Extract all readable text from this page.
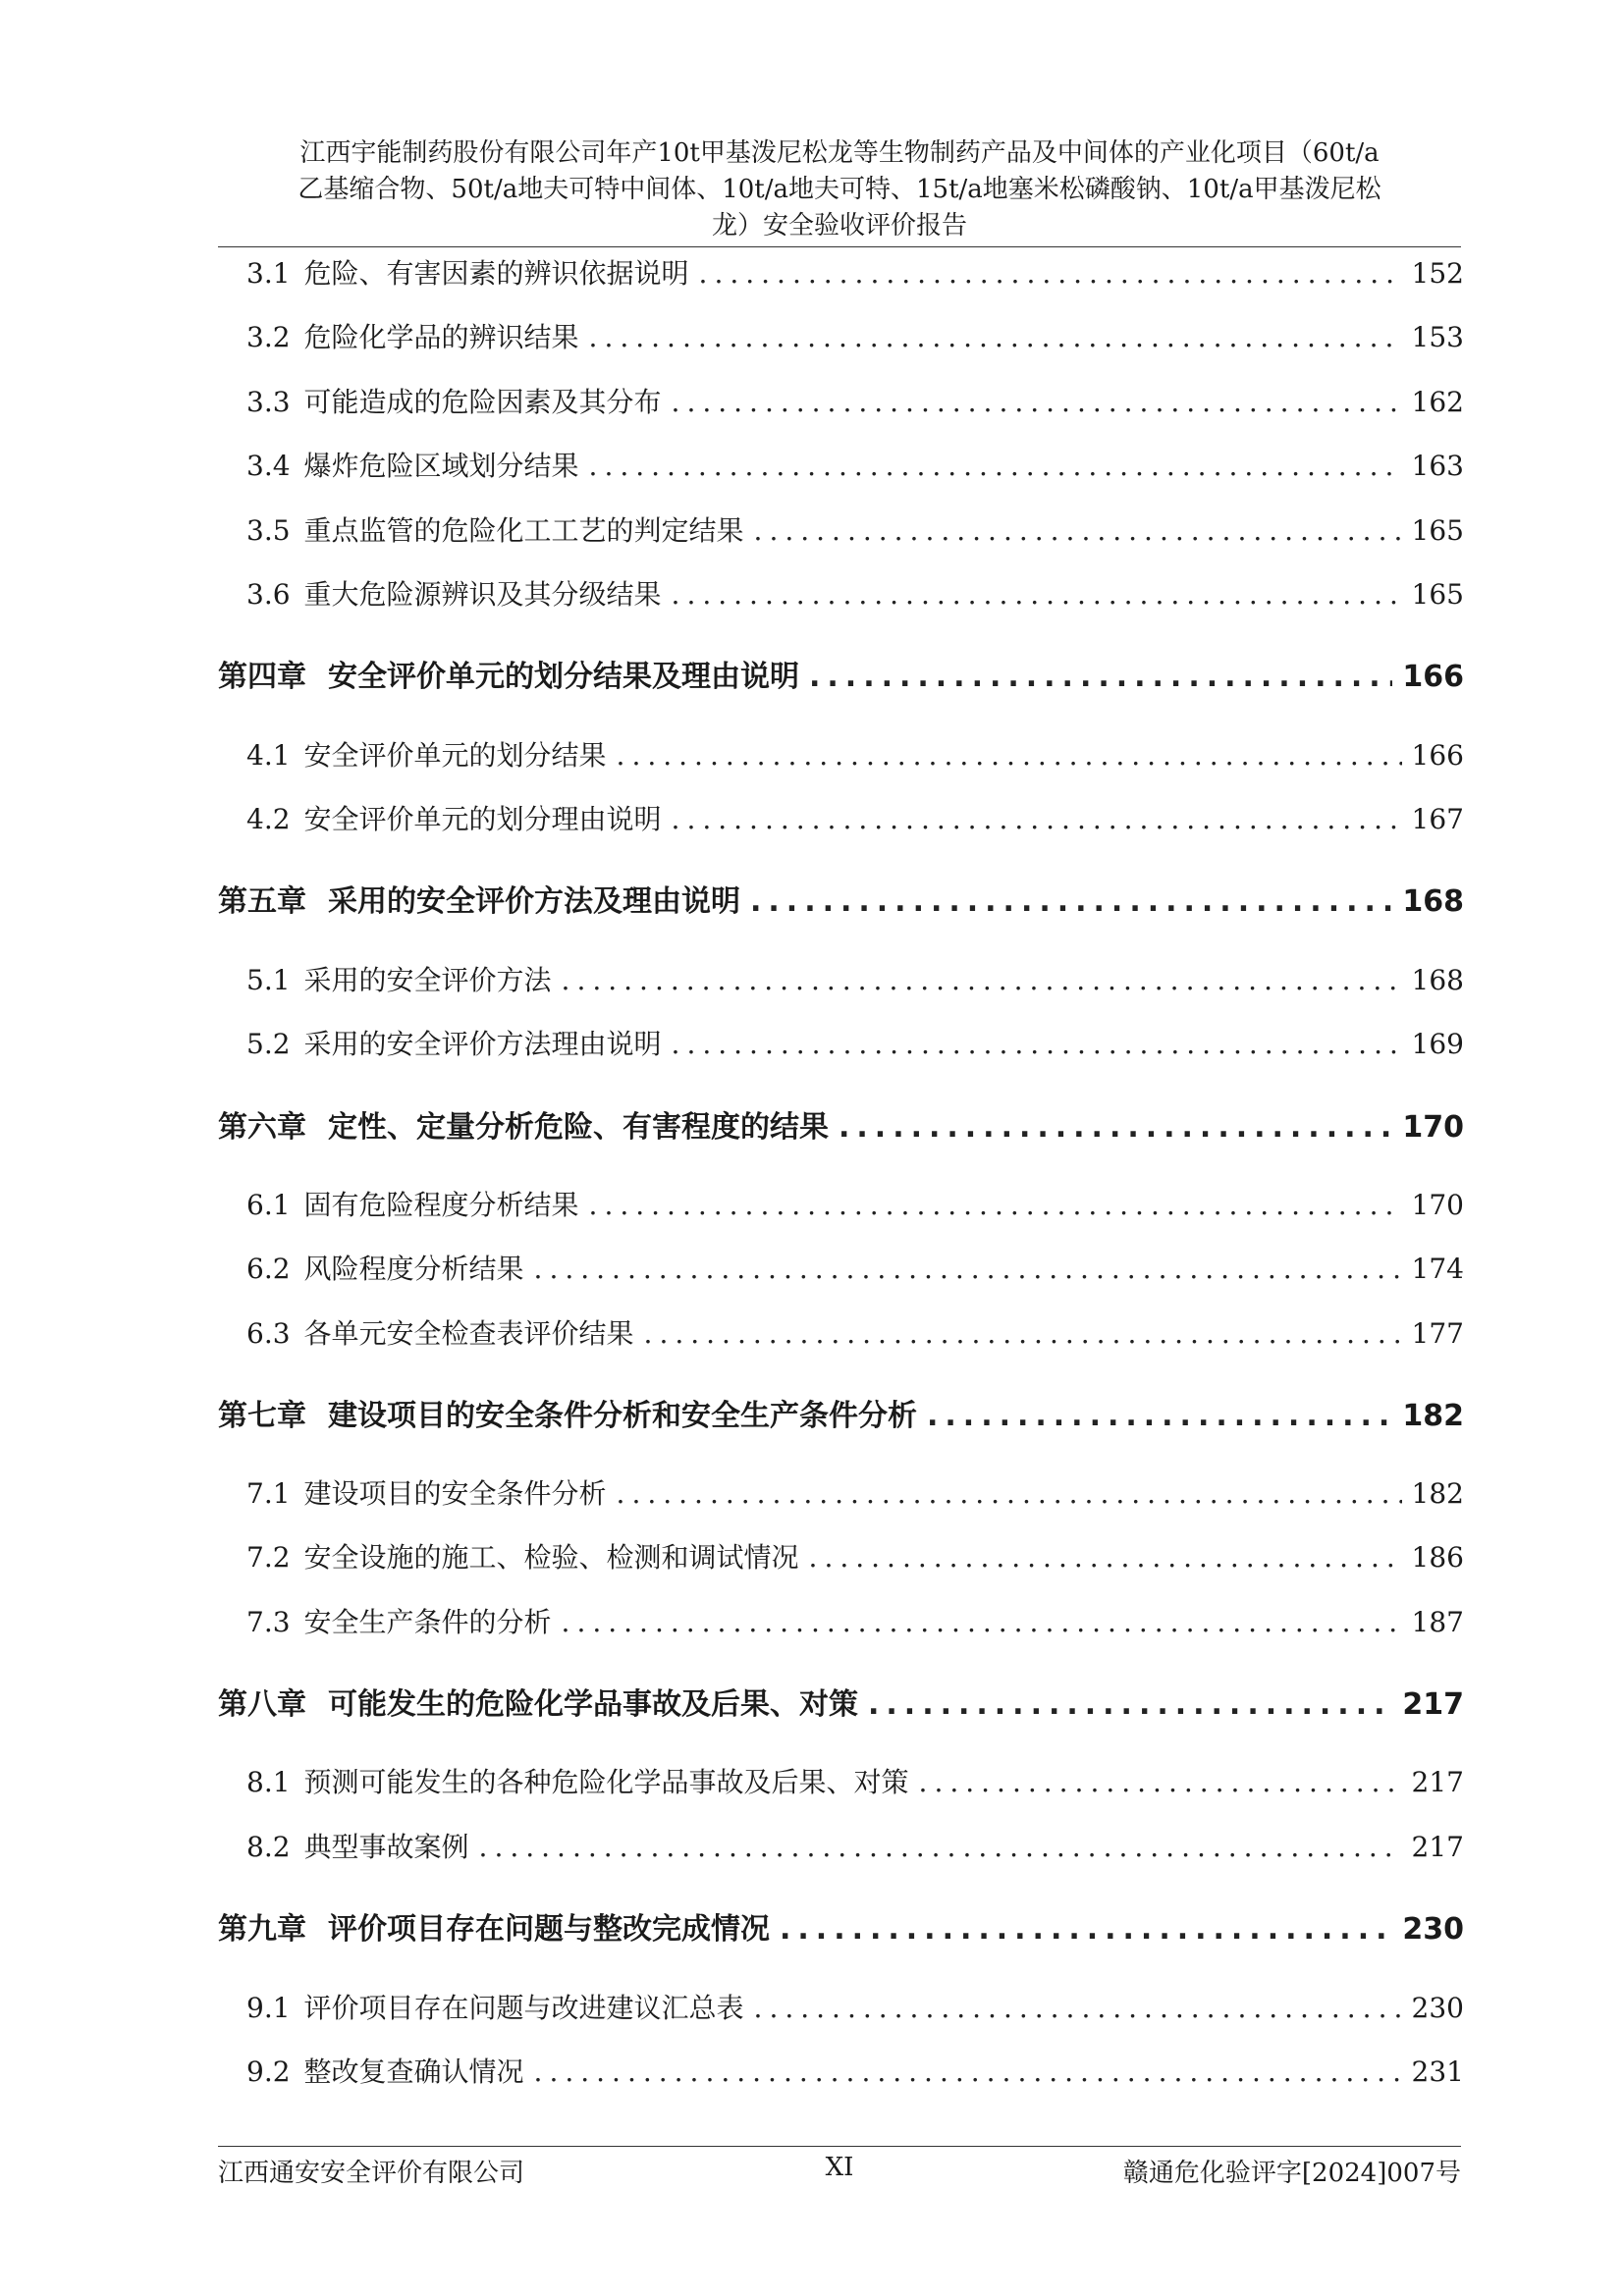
江西宇能制药股份有限公司年产10t甲基泼尼松龙等生物制药产品及中间体的产业化项目（60t/a
乙基缩合物、50t/a地夫可特中间体、10t/a地夫可特、15t/a地塞米松磷酸钠、10t/a甲基泼尼松
龙）安全验收评价报告
3.1 危险、有害因素的辨识依据说明 .....	152
3.2 危险化学品的辨识结果 .....	153
3.3 可能造成的危险因素及其分布 .....	162
3.4 爆炸危险区域划分结果 .....	163
3.5 重点监管的危险化工工艺的判定结果 .....	165
3.6 重大危险源辨识及其分级结果 .....	165
第四章 安全评价单元的划分结果及理由说明 .....	166
4.1 安全评价单元的划分结果 .....	166
4.2 安全评价单元的划分理由说明 .....	167
第五章 采用的安全评价方法及理由说明 .....	168
5.1 采用的安全评价方法 .....	168
5.2 采用的安全评价方法理由说明 .....	169
第六章 定性、定量分析危险、有害程度的结果 .....	170
6.1 固有危险程度分析结果 .....	170
6.2 风险程度分析结果 .....	174
6.3 各单元安全检查表评价结果 .....	177
第七章 建设项目的安全条件分析和安全生产条件分析 .....	182
7.1 建设项目的安全条件分析 .....	182
7.2 安全设施的施工、检验、检测和调试情况 .....	186
7.3 安全生产条件的分析 .....	187
第八章 可能发生的危险化学品事故及后果、对策 .....	217
8.1 预测可能发生的各种危险化学品事故及后果、对策 .....	217
8.2 典型事故案例 .....	217
第九章 评价项目存在问题与整改完成情况 .....	230
9.1 评价项目存在问题与改进建议汇总表 .....	230
9.2 整改复查确认情况 .....	231
江西通安安全评价有限公司	XI	赣通危化验评字[2024]007号
